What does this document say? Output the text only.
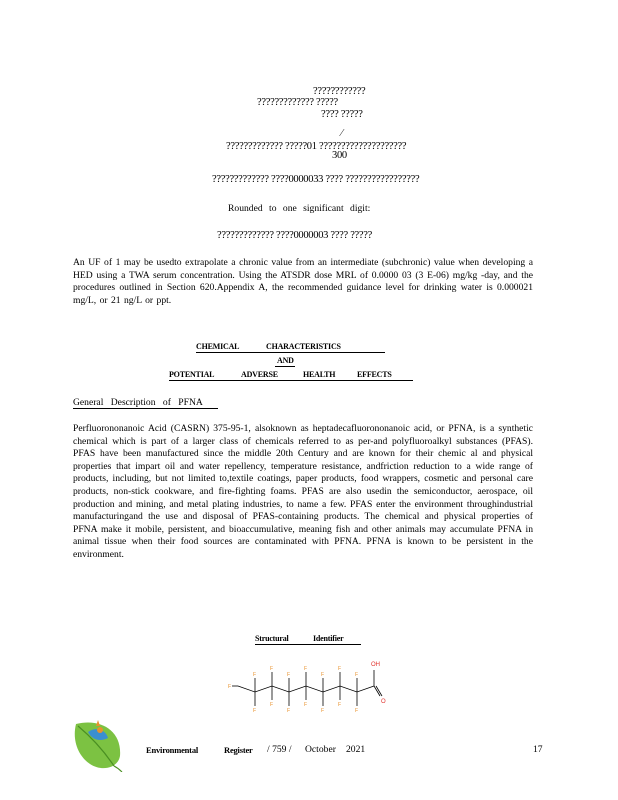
????????????
????????????? ?????
???? ?????
????????????? ?????01 ????????????????????
⁄
300
????????????? ????0000033 ???? ?????????????????
Rounded to one significant digit:
????????????? ????0000003 ???? ?????

An UF of 1 may be usedto extrapolate a chronic value from an intermediate (subchronic) value when developing a HED using a TWA serum concentration. Using the ATSDR dose MRL of 0.0000 03 (3 E-06) mg/kg -day, and the procedures outlined in Section 620.Appendix A, the recommended guidance level for drinking water is 0.000021 mg/L, or 21 ng/L or ppt.

CHEMICAL	CHARACTERISTICS
AND
POTENTIAL	ADVERSE	HEALTH	EFFECTS
General Description of PFNA

Perfluorononanoic Acid (CASRN) 375-95-1, alsoknown as heptadecafluorononanoic acid, or PFNA, is a synthetic chemical which is part of a larger class of chemicals referred to as per-and polyfluoroalkyl substances (PFAS). PFAS have been manufactured since the middle 20th Century and are known for their chemic al and physical properties that impart oil and water repellency, temperature resistance, andfriction reduction to a wide range of products, including, but not limited to,textile coatings, paper products, food wrappers, cosmetic and personal care products, non-stick cookware, and fire-fighting foams. PFAS are also usedin the semiconductor, aerospace, oil production and mining, and metal plating industries, to name a few. PFAS enter the environment throughindustrial manufacturingand the use and disposal of PFAS-containing products. The chemical and physical properties of PFNA make it mobile, persistent, and bioaccumulative, meaning fish and other animals may accumulate PFNA in animal tissue when their food sources are contaminated with PFNA. PFNA is known to be persistent in the environment.

Structural	Identifier
OH
O
F
F
F
F
F
F
F
F
F
F
F
F
F
F
F
Environmental	Register / 759 / October 2021	17
